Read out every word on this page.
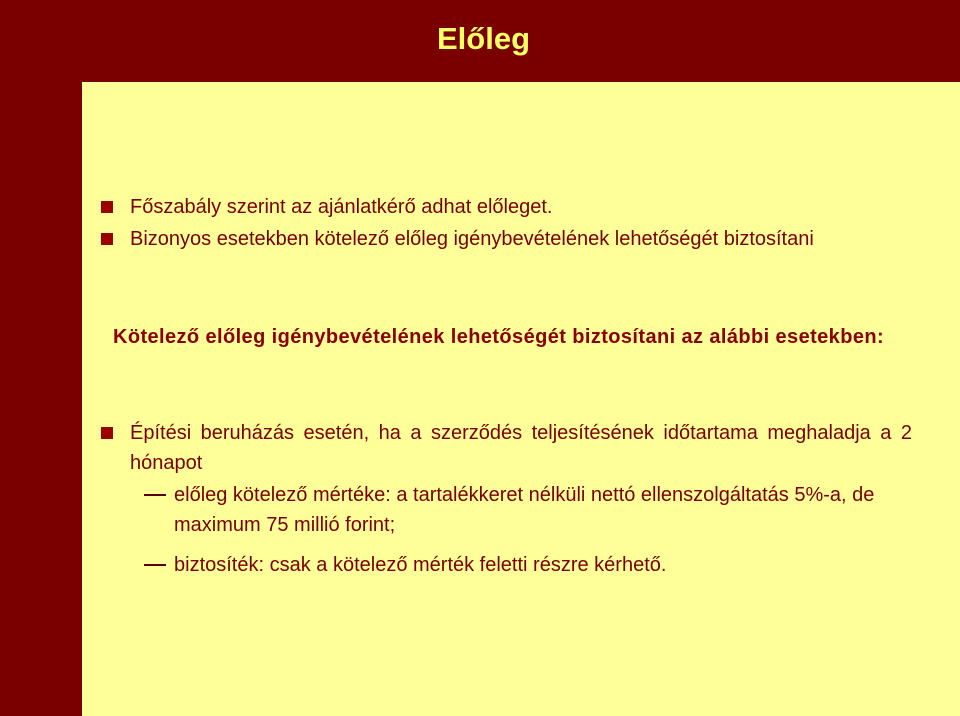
Előleg

Főszabály szerint az ajánlatkérő adhat előleget.

Bizonyos esetekben kötelező előleg igénybevételének lehetőségét biztosítani

Kötelező előleg igénybevételének lehetőségét biztosítani az alábbi esetekben:

Építési beruházás esetén, ha a szerződés teljesítésének időtartama meghaladja a 2 hónapot

előleg kötelező mértéke: a tartalékkeret nélküli nettó ellenszolgáltatás 5%-a, de maximum 75 millió forint;
biztosíték: csak a kötelező mérték feletti részre kérhető.
